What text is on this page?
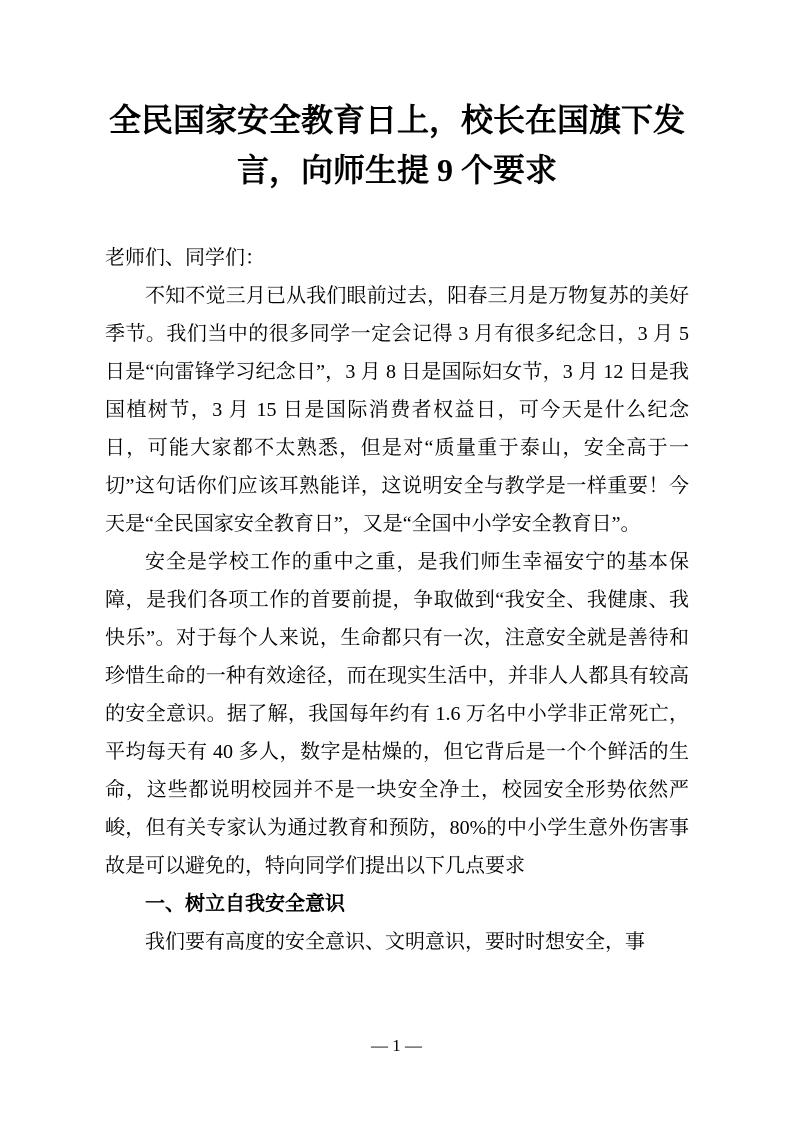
全民国家安全教育日上，校长在国旗下发言，向师生提 9 个要求

老师们、同学们：

不知不觉三月已从我们眼前过去，阳春三月是万物复苏的美好季节。我们当中的很多同学一定会记得 3 月有很多纪念日，3 月 5 日是“向雷锋学习纪念日”，3 月 8 日是国际妇女节，3 月 12 日是我国植树节，3 月 15 日是国际消费者权益日，可今天是什么纪念日，可能大家都不太熟悉，但是对“质量重于泰山，安全高于一切”这句话你们应该耳熟能详，这说明安全与教学是一样重要！今天是“全民国家安全教育日”，又是“全国中小学安全教育日”。

安全是学校工作的重中之重，是我们师生幸福安宁的基本保障，是我们各项工作的首要前提，争取做到“我安全、我健康、我快乐”。对于每个人来说，生命都只有一次，注意安全就是善待和珍惜生命的一种有效途径，而在现实生活中，并非人人都具有较高的安全意识。据了解，我国每年约有 1.6 万名中小学非正常死亡，平均每天有 40 多人，数字是枯燥的，但它背后是一个个鲜活的生命，这些都说明校园并不是一块安全净土，校园安全形势依然严峻，但有关专家认为通过教育和预防，80%的中小学生意外伤害事故是可以避免的，特向同学们提出以下几点要求

一、树立自我安全意识

我们要有高度的安全意识、文明意识，要时时想安全，事

— 1 —
